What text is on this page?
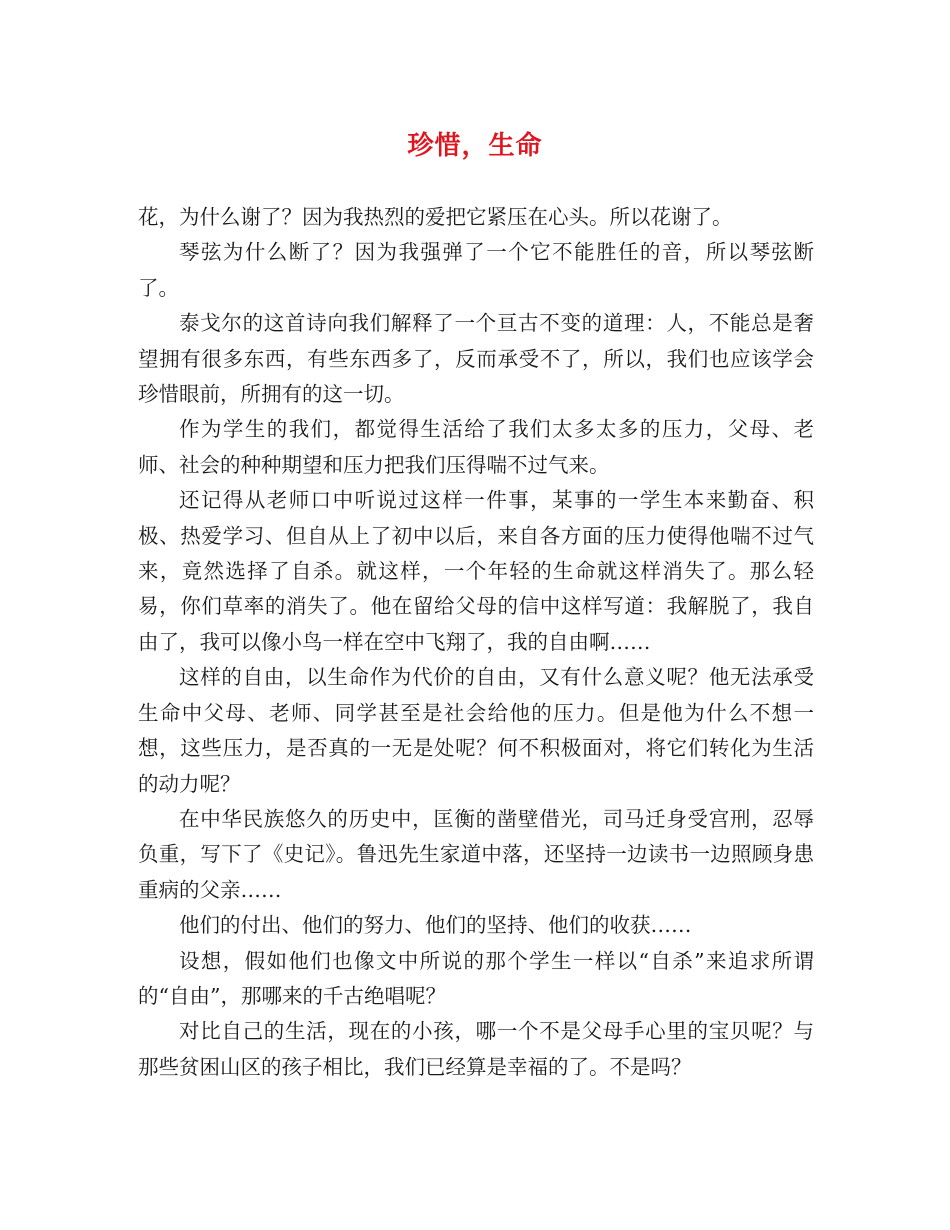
珍惜，生命

花，为什么谢了？因为我热烈的爱把它紧压在心头。所以花谢了。

琴弦为什么断了？因为我强弹了一个它不能胜任的音，所以琴弦断了。

泰戈尔的这首诗向我们解释了一个亘古不变的道理：人，不能总是奢望拥有很多东西，有些东西多了，反而承受不了，所以，我们也应该学会珍惜眼前，所拥有的这一切。

作为学生的我们，都觉得生活给了我们太多太多的压力，父母、老师、社会的种种期望和压力把我们压得喘不过气来。

还记得从老师口中听说过这样一件事，某事的一学生本来勤奋、积极、热爱学习、但自从上了初中以后，来自各方面的压力使得他喘不过气来，竟然选择了自杀。就这样，一个年轻的生命就这样消失了。那么轻易，你们草率的消失了。他在留给父母的信中这样写道：我解脱了，我自由了，我可以像小鸟一样在空中飞翔了，我的自由啊……

这样的自由，以生命作为代价的自由，又有什么意义呢？他无法承受生命中父母、老师、同学甚至是社会给他的压力。但是他为什么不想一想，这些压力，是否真的一无是处呢？何不积极面对，将它们转化为生活的动力呢？

在中华民族悠久的历史中，匡衡的凿壁借光，司马迁身受宫刑，忍辱负重，写下了《史记》。鲁迅先生家道中落，还坚持一边读书一边照顾身患重病的父亲……

他们的付出、他们的努力、他们的坚持、他们的收获……

设想，假如他们也像文中所说的那个学生一样以“自杀”来追求所谓的“自由”，那哪来的千古绝唱呢？

对比自己的生活，现在的小孩，哪一个不是父母手心里的宝贝呢？与那些贫困山区的孩子相比，我们已经算是幸福的了。不是吗？
